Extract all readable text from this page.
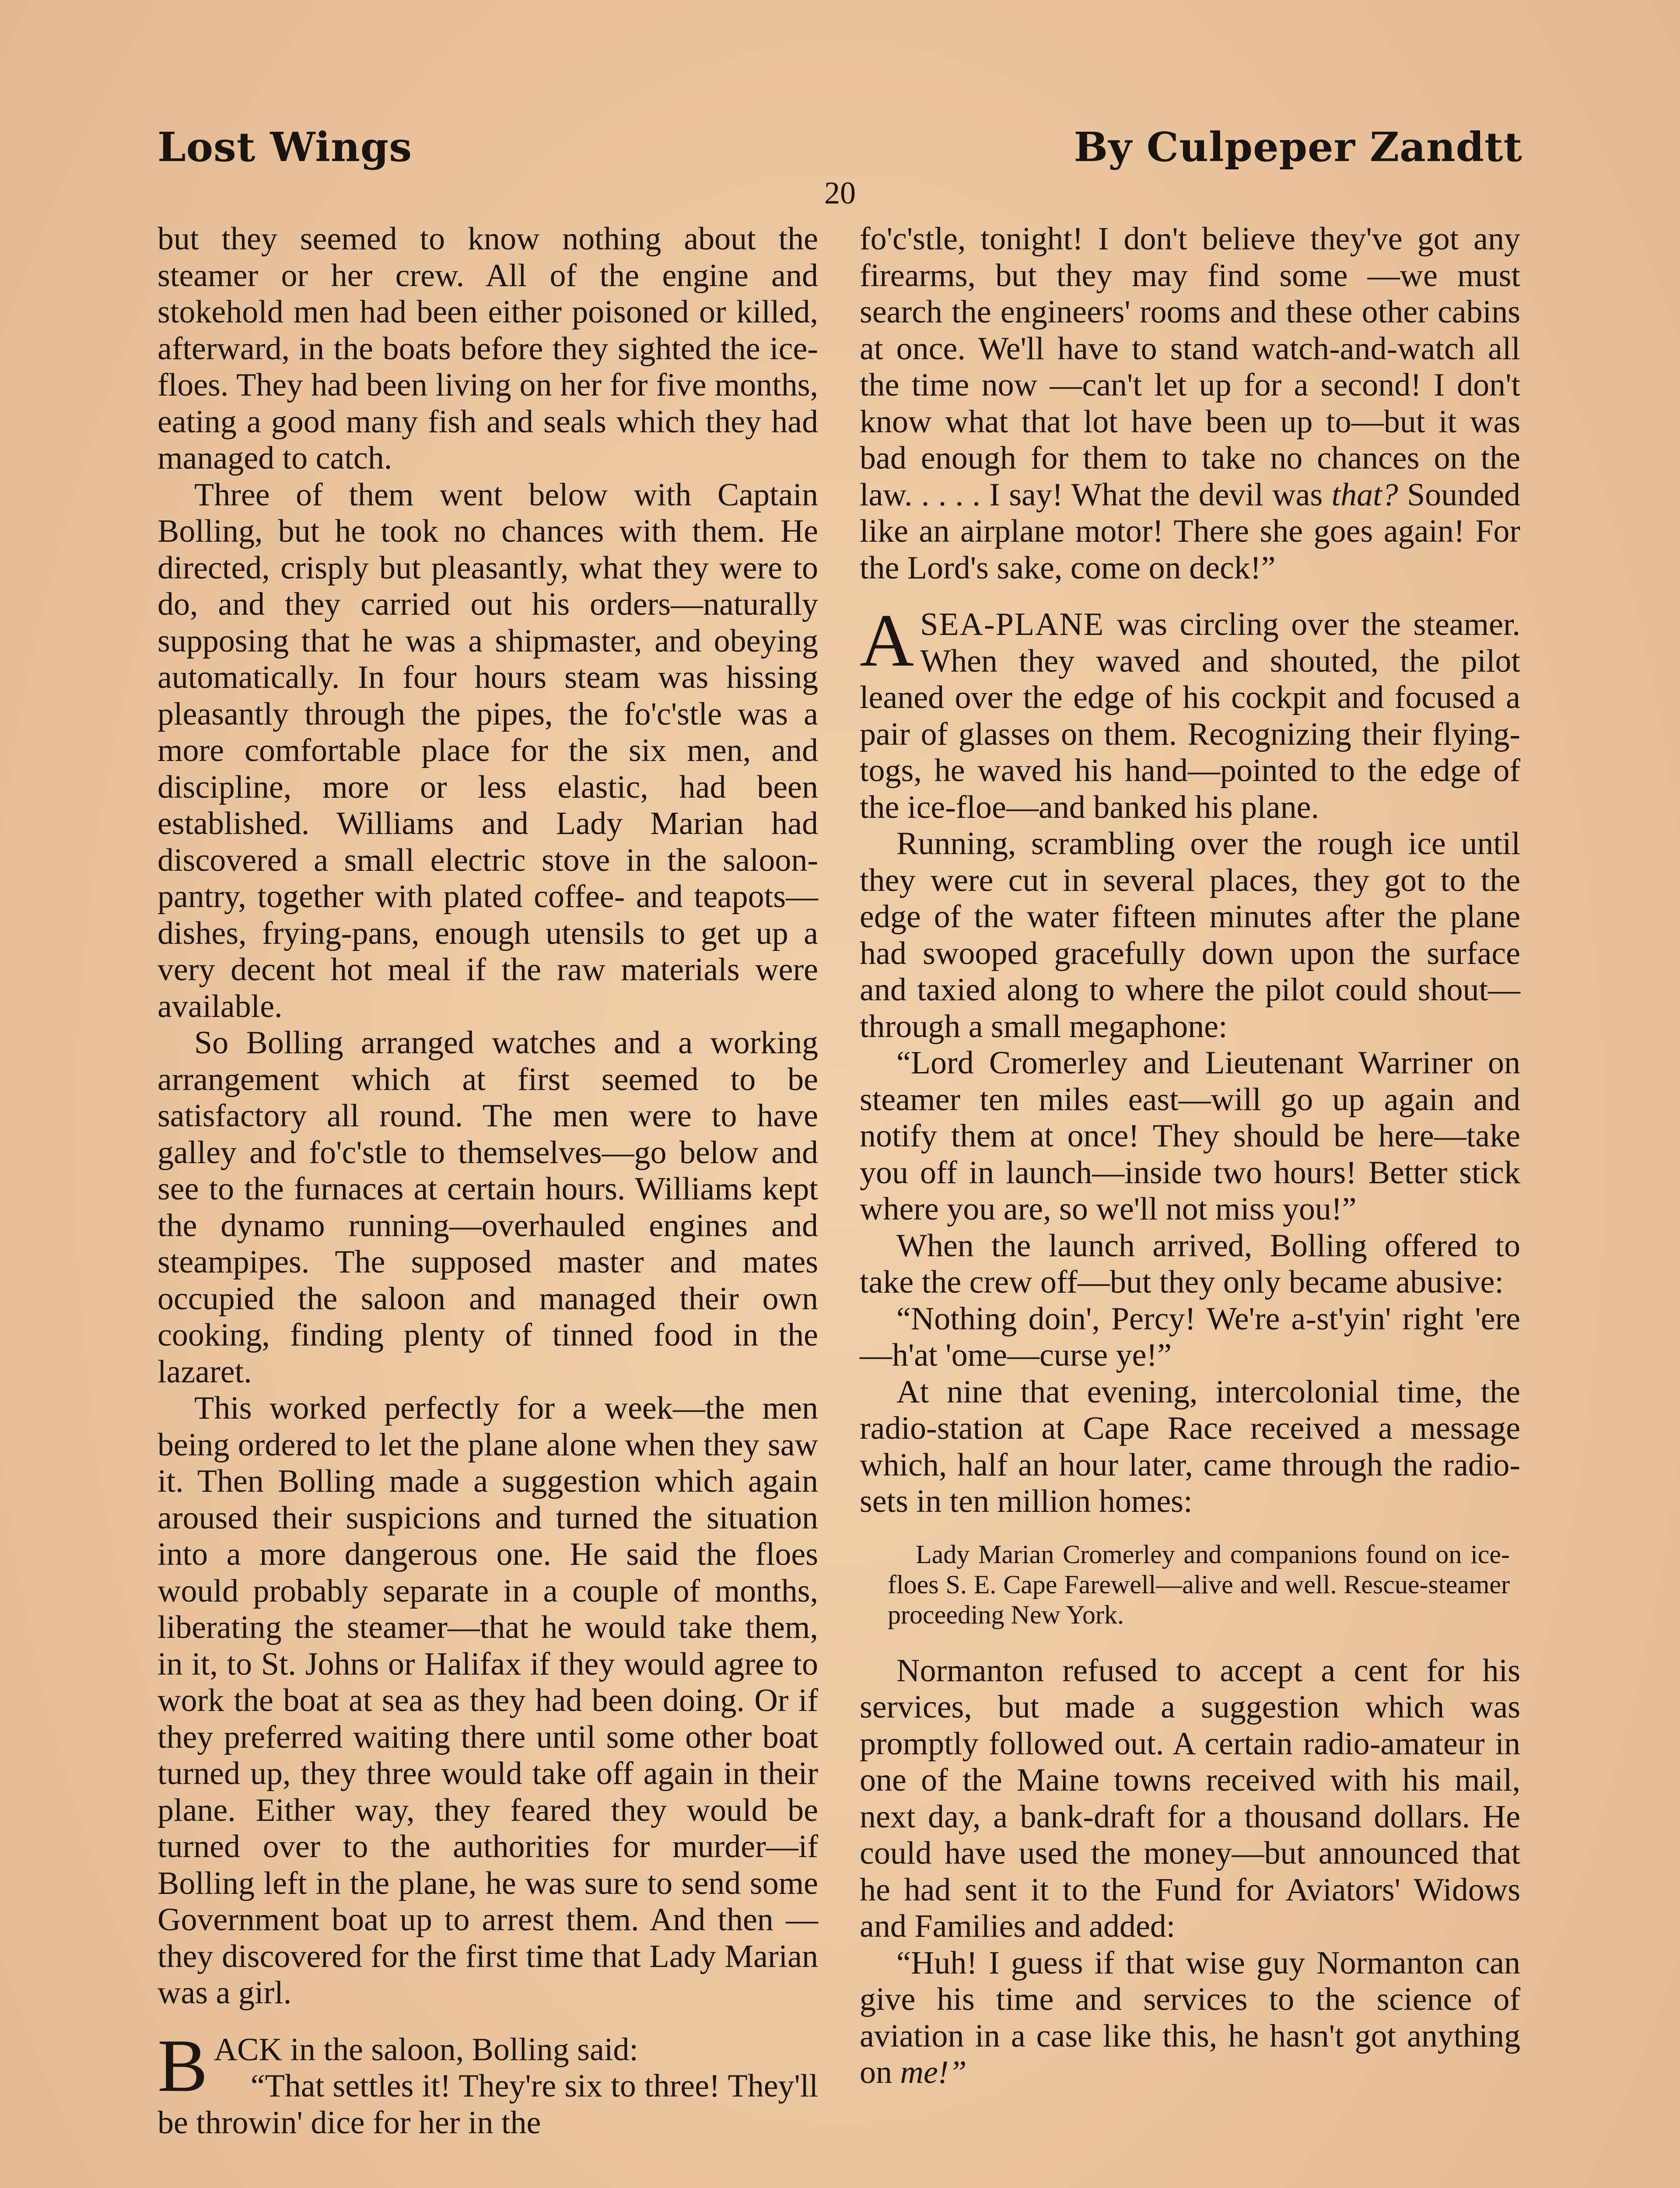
Lost Wings	By Culpeper Zandtt
20

but they seemed to know nothing about the steamer or her crew. All of the engine and stokehold men had been either poisoned or killed, afterward, in the boats before they sighted the ice-floes. They had been living on her for five months, eating a good many fish and seals which they had managed to catch.

Three of them went below with Captain Bolling, but he took no chances with them. He directed, crisply but pleasantly, what they were to do, and they carried out his orders—naturally supposing that he was a shipmaster, and obeying automatically. In four hours steam was hissing pleasantly through the pipes, the fo'c'stle was a more comfortable place for the six men, and discipline, more or less elastic, had been established. Williams and Lady Marian had discovered a small electric stove in the saloon-pantry, together with plated coffee- and teapots—dishes, frying-pans, enough utensils to get up a very decent hot meal if the raw materials were available.

So Bolling arranged watches and a working arrangement which at first seemed to be satisfactory all round. The men were to have galley and fo'c'stle to themselves—go below and see to the furnaces at certain hours. Williams kept the dynamo running—overhauled engines and steampipes. The supposed master and mates occupied the saloon and managed their own cooking, finding plenty of tinned food in the lazaret.

This worked perfectly for a week—the men being ordered to let the plane alone when they saw it. Then Bolling made a suggestion which again aroused their suspicions and turned the situation into a more dangerous one. He said the floes would probably separate in a couple of months, liberating the steamer—that he would take them, in it, to St. Johns or Halifax if they would agree to work the boat at sea as they had been doing. Or if they preferred waiting there until some other boat turned up, they three would take off again in their plane. Either way, they feared they would be turned over to the authorities for murder—if Bolling left in the plane, he was sure to send some Government boat up to arrest them. And then —they discovered for the first time that Lady Marian was a girl.

BACK in the saloon, Bolling said:

“That settles it! They're six to three! They'll be throwin' dice for her in the

fo'c'stle, tonight! I don't believe they've got any firearms, but they may find some —we must search the engineers' rooms and these other cabins at once. We'll have to stand watch-and-watch all the time now —can't let up for a second! I don't know what that lot have been up to—but it was bad enough for them to take no chances on the law. . . . . I say! What the devil was that? Sounded like an airplane motor! There she goes again! For the Lord's sake, come on deck!”

ASEA-PLANE was circling over the steamer. When they waved and shouted, the pilot leaned over the edge of his cockpit and focused a pair of glasses on them. Recognizing their flying-togs, he waved his hand—pointed to the edge of the ice-floe—and banked his plane.

Running, scrambling over the rough ice until they were cut in several places, they got to the edge of the water fifteen minutes after the plane had swooped gracefully down upon the surface and taxied along to where the pilot could shout—through a small megaphone:

“Lord Cromerley and Lieutenant Warriner on steamer ten miles east—will go up again and notify them at once! They should be here—take you off in launch—inside two hours! Better stick where you are, so we'll not miss you!”

When the launch arrived, Bolling offered to take the crew off—but they only became abusive:

“Nothing doin', Percy! We're a-st'yin' right 'ere—h'at 'ome—curse ye!”

At nine that evening, intercolonial time, the radio-station at Cape Race received a message which, half an hour later, came through the radio-sets in ten million homes:

Lady Marian Cromerley and companions found on ice-floes S. E. Cape Farewell—alive and well. Rescue-steamer proceeding New York.

Normanton refused to accept a cent for his services, but made a suggestion which was promptly followed out. A certain radio-amateur in one of the Maine towns received with his mail, next day, a bank-draft for a thousand dollars. He could have used the money—but announced that he had sent it to the Fund for Aviators' Widows and Families and added:

“Huh! I guess if that wise guy Normanton can give his time and services to the science of aviation in a case like this, he hasn't got anything on me!”
